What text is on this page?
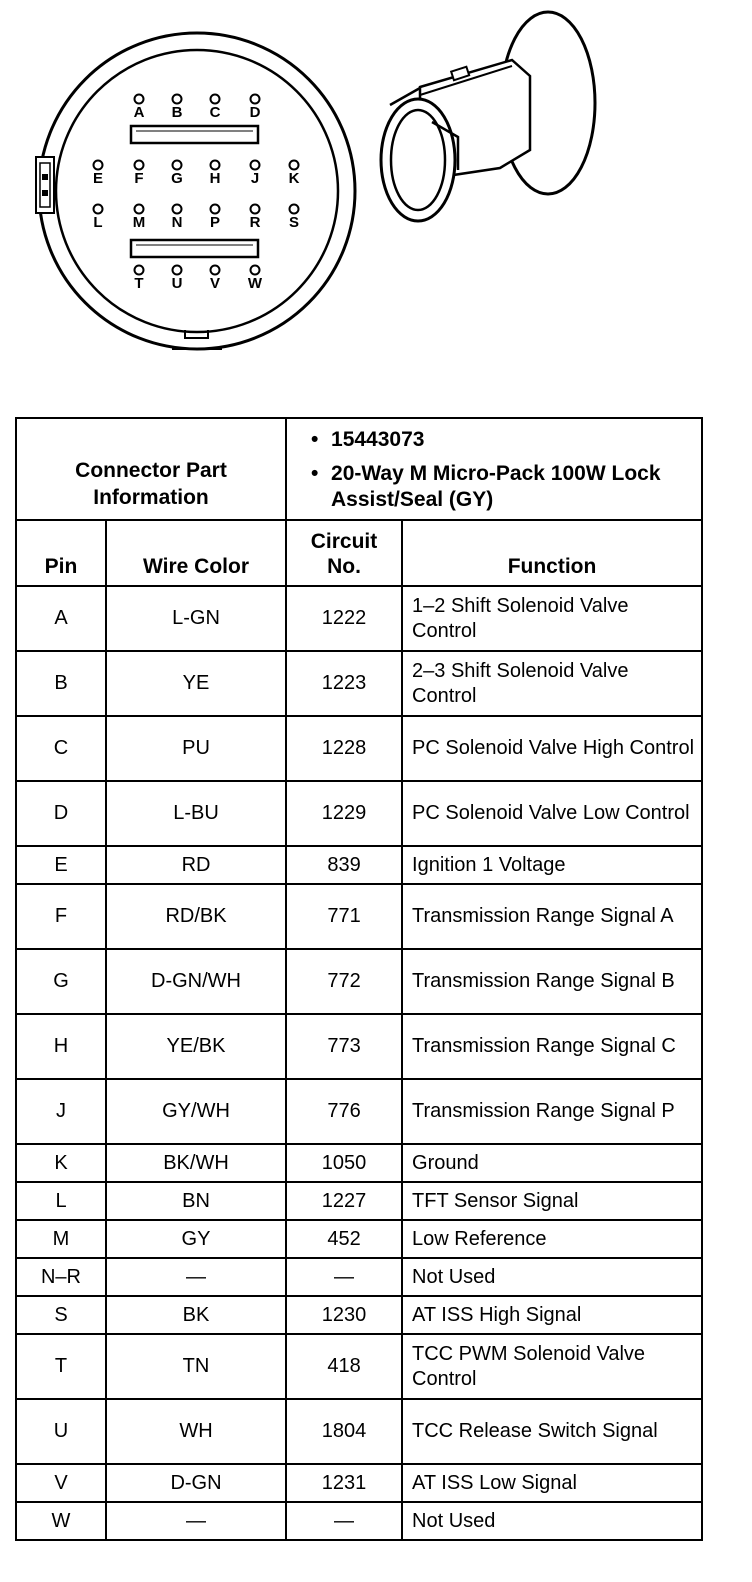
A B C D
E F G H J K
L M N P R S
T U V W
Connector Part Information		• 15443073
• 20-Way M Micro-Pack 100W Lock Assist/Seal (GY)

Pin	Wire Color	Circuit No.	Function
A	L-GN	1222	1–2 Shift Solenoid Valve Control
B	YE	1223	2–3 Shift Solenoid Valve Control
C	PU	1228	PC Solenoid Valve High Control
D	L-BU	1229	PC Solenoid Valve Low Control
E	RD	839	Ignition 1 Voltage
F	RD/BK	771	Transmission Range Signal A
G	D-GN/WH	772	Transmission Range Signal B
H	YE/BK	773	Transmission Range Signal C
J	GY/WH	776	Transmission Range Signal P
K	BK/WH	1050	Ground
L	BN	1227	TFT Sensor Signal
M	GY	452	Low Reference
N–R	—	—	Not Used
S	BK	1230	AT ISS High Signal
T	TN	418	TCC PWM Solenoid Valve Control
U	WH	1804	TCC Release Switch Signal
V	D-GN	1231	AT ISS Low Signal
W	—	—	Not Used
